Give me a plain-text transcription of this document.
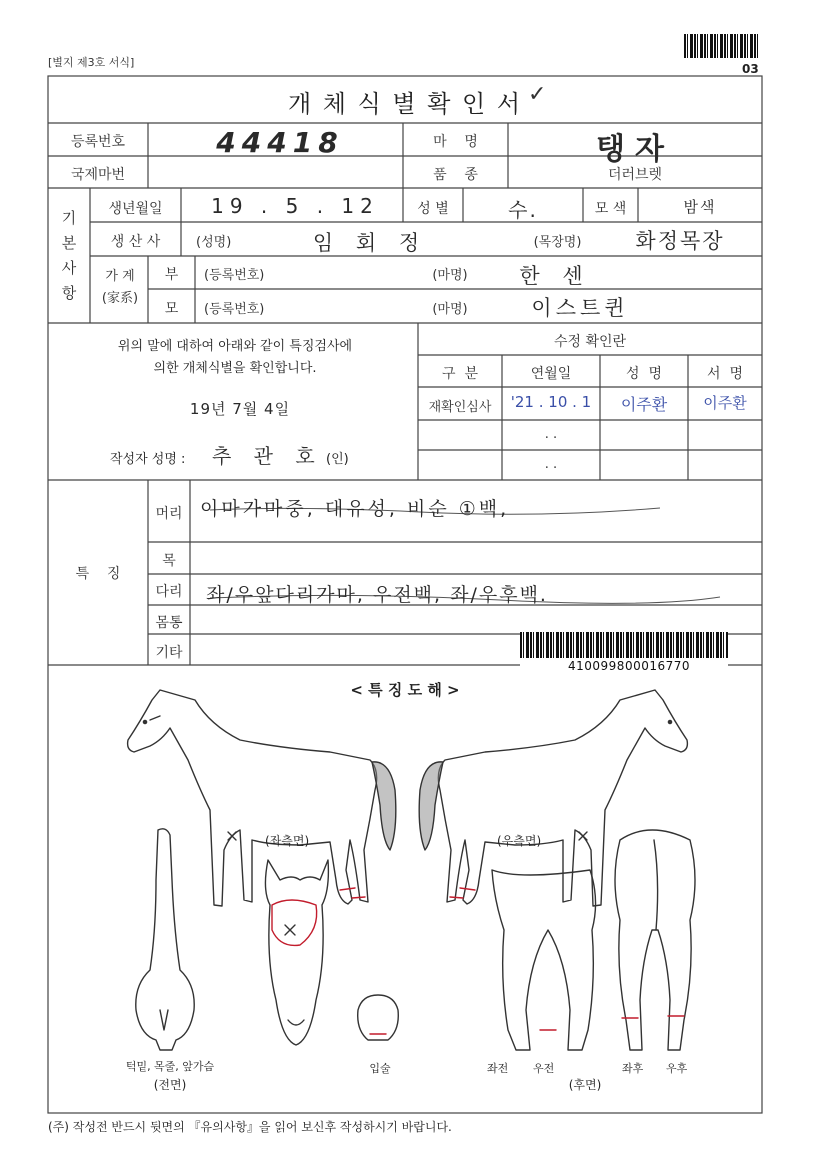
03
[별지 제3호 서식]
개 체 식 별 확 인 서 ✓
등록번호	44418	마    명	탱자
국제마번	품    종	더러브렛
기 본 사 항
생년월일	19 . 5 . 12	성 별	수.	모 색	밤색
생 산 사	(성명)	임 회 정	(목장명)	화정목장
가 계
(家系)
부	(등록번호)	(마명)	한 센
모	(등록번호)	(마명)	이스트퀸
위의 말에 대하여 아래와 같이 특징검사에
의한 개체식별을 확인합니다.
19년 7월 4일
작성자 성명 : 추 관 호 (인)
수정 확인란
구  분	연월일	성  명	서  명
재확인심사	'21 . 10 . 1	이주환	이주환
. .
. .
특    징
머리 이마가마중, 대유성, 비순 ①백,
목
다리	좌/우앞다리가마, 우전백, 좌/우후백.
몸통
기타
410099800016770
< 특 징 도 해 >
(좌측면)	(우측면)
턱밑, 목줄, 앞가슴
(전면)
입술	좌전 우전	좌후 우후
(후면)
(주) 작성전 반드시 뒷면의 『유의사항』을 읽어 보신후 작성하시기 바랍니다.
